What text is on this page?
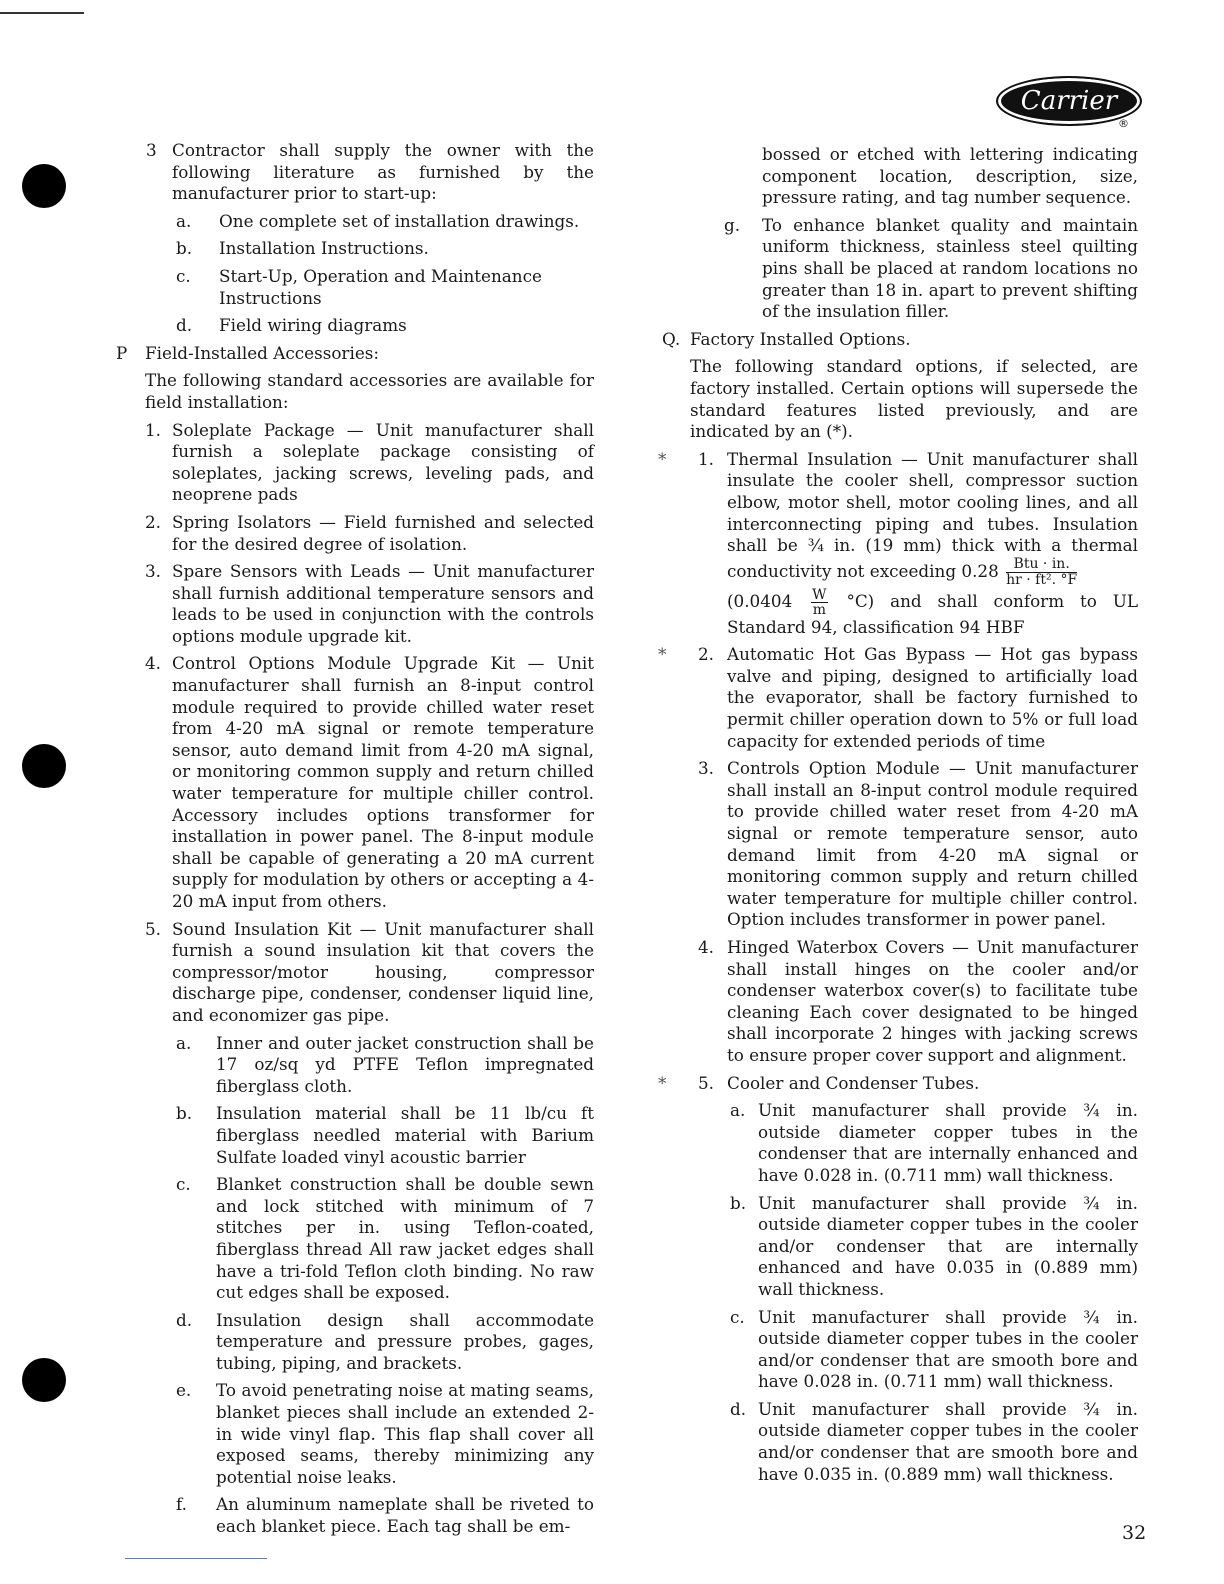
Carrier
®
3 Contractor shall supply the owner with the following literature as furnished by the manufacturer prior to start-up:
a.	One complete set of installation drawings.
b.	Installation Instructions.
c.	Start-Up, Operation and Maintenance Instructions
d.	Field wiring diagrams
P	Field-Installed Accessories:

The following standard accessories are available for field installation:

1. Soleplate Package — Unit manufacturer shall furnish a soleplate package consisting of soleplates, jacking screws, leveling pads, and neoprene pads
2. Spring Isolators — Field furnished and selected for the desired degree of isolation.
3. Spare Sensors with Leads — Unit manufacturer shall furnish additional temperature sensors and leads to be used in conjunction with the controls options module upgrade kit.
4. Control Options Module Upgrade Kit — Unit manufacturer shall furnish an 8-input control module required to provide chilled water reset from 4-20 mA signal or remote temperature sensor, auto demand limit from 4-20 mA signal, or monitoring common supply and return chilled water temperature for multiple chiller control. Accessory includes options transformer for installation in power panel. The 8-input module shall be capable of generating a 20 mA current supply for modulation by others or accepting a 4-20 mA input from others.
5. Sound Insulation Kit — Unit manufacturer shall furnish a sound insulation kit that covers the compressor/motor housing, compressor discharge pipe, condenser, condenser liquid line, and economizer gas pipe.
a.	Inner and outer jacket construction shall be 17 oz/sq yd PTFE Teflon impregnated fiberglass cloth.
b.	Insulation material shall be 11 lb/cu ft fiberglass needled material with Barium Sulfate loaded vinyl acoustic barrier
c.	Blanket construction shall be double sewn and lock stitched with minimum of 7 stitches per in. using Teflon-coated, fiberglass thread All raw jacket edges shall have a tri-fold Teflon cloth binding. No raw cut edges shall be exposed.
d.	Insulation design shall accommodate temperature and pressure probes, gages, tubing, piping, and brackets.
e.	To avoid penetrating noise at mating seams, blanket pieces shall include an extended 2-in wide vinyl flap. This flap shall cover all exposed seams, thereby minimizing any potential noise leaks.
f.	An aluminum nameplate shall be riveted to each blanket piece. Each tag shall be em-

bossed or etched with lettering indicating component location, description, size, pressure rating, and tag number sequence.

g.	To enhance blanket quality and maintain uniform thickness, stainless steel quilting pins shall be placed at random locations no greater than 18 in. apart to prevent shifting of the insulation filler.
Q. Factory Installed Options.

The following standard options, if selected, are factory installed. Certain options will supersede the standard features listed previously, and are indicated by an (*).

*	1. Thermal Insulation — Unit manufacturer shall insulate the cooler shell, compressor suction elbow, motor shell, motor cooling lines, and all interconnecting piping and tubes. Insulation shall be ¾ in. (19 mm) thick with a thermal conductivity not exceeding $0.28 \frac{\text{Btu · in.}}{\text{hr · ft². °F}}$

$(0.0404 \frac{W}{m} ^\circ C)$ and shall conform to UL Standard 94, classification 94 HBF
*	2. Automatic Hot Gas Bypass — Hot gas bypass valve and piping, designed to artificially load the evaporator, shall be factory furnished to permit chiller operation down to 5% or full load capacity for extended periods of time
3. Controls Option Module — Unit manufacturer shall install an 8-input control module required to provide chilled water reset from 4-20 mA signal or remote temperature sensor, auto demand limit from 4-20 mA signal or monitoring common supply and return chilled water temperature for multiple chiller control. Option includes transformer in power panel.
4. Hinged Waterbox Covers — Unit manufacturer shall install hinges on the cooler and/or condenser waterbox cover(s) to facilitate tube cleaning Each cover designated to be hinged shall incorporate 2 hinges with jacking screws to ensure proper cover support and alignment.
*	5. Cooler and Condenser Tubes.
a. Unit manufacturer shall provide ¾ in. outside diameter copper tubes in the condenser that are internally enhanced and have 0.028 in. (0.711 mm) wall thickness.
b. Unit manufacturer shall provide ¾ in. outside diameter copper tubes in the cooler and/or condenser that are internally enhanced and have 0.035 in (0.889 mm) wall thickness.
c. Unit manufacturer shall provide ¾ in. outside diameter copper tubes in the cooler and/or condenser that are smooth bore and have 0.028 in. (0.711 mm) wall thickness.
d. Unit manufacturer shall provide ¾ in. outside diameter copper tubes in the cooler and/or condenser that are smooth bore and have 0.035 in. (0.889 mm) wall thickness.
32
